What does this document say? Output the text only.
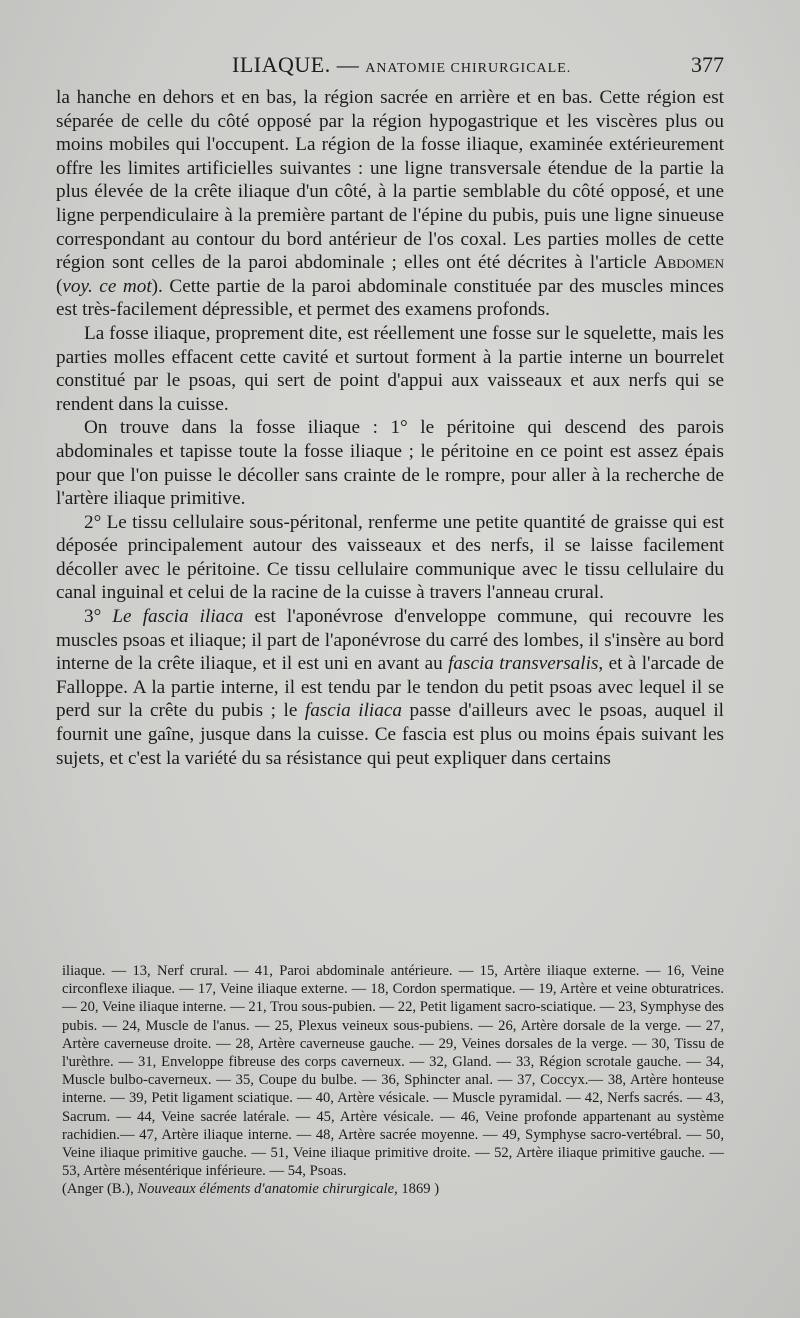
ILIAQUE. — ANATOMIE CHIRURGICALE.	377

la hanche en dehors et en bas, la région sacrée en arrière et en bas. Cette région est séparée de celle du côté opposé par la région hypogastrique et les viscères plus ou moins mobiles qui l'occupent. La région de la fosse iliaque, examinée extérieurement offre les limites artificielles suivantes : une ligne transversale étendue de la partie la plus élevée de la crête iliaque d'un côté, à la partie semblable du côté opposé, et une ligne perpendiculaire à la première partant de l'épine du pubis, puis une ligne sinueuse correspondant au contour du bord antérieur de l'os coxal. Les parties molles de cette région sont celles de la paroi abdominale ; elles ont été décrites à l'article Abdomen (voy. ce mot). Cette partie de la paroi abdominale constituée par des muscles minces est très-facilement dépressible, et permet des examens profonds.

La fosse iliaque, proprement dite, est réellement une fosse sur le squelette, mais les parties molles effacent cette cavité et surtout forment à la partie interne un bourrelet constitué par le psoas, qui sert de point d'appui aux vaisseaux et aux nerfs qui se rendent dans la cuisse.

On trouve dans la fosse iliaque : 1° le péritoine qui descend des parois abdominales et tapisse toute la fosse iliaque ; le péritoine en ce point est assez épais pour que l'on puisse le décoller sans crainte de le rompre, pour aller à la recherche de l'artère iliaque primitive.

2° Le tissu cellulaire sous-péritonal, renferme une petite quantité de graisse qui est déposée principalement autour des vaisseaux et des nerfs, il se laisse facilement décoller avec le péritoine. Ce tissu cellulaire communique avec le tissu cellulaire du canal inguinal et celui de la racine de la cuisse à travers l'anneau crural.

3° Le fascia iliaca est l'aponévrose d'enveloppe commune, qui recouvre les muscles psoas et iliaque; il part de l'aponévrose du carré des lombes, il s'insère au bord interne de la crête iliaque, et il est uni en avant au fascia transversalis, et à l'arcade de Falloppe. A la partie interne, il est tendu par le tendon du petit psoas avec lequel il se perd sur la crête du pubis ; le fascia iliaca passe d'ailleurs avec le psoas, auquel il fournit une gaîne, jusque dans la cuisse. Ce fascia est plus ou moins épais suivant les sujets, et c'est la variété du sa résistance qui peut expliquer dans certains

iliaque. — 13, Nerf crural. — 41, Paroi abdominale antérieure. — 15, Artère iliaque externe. — 16, Veine circonflexe iliaque. — 17, Veine iliaque externe. — 18, Cordon spermatique. — 19, Artère et veine obturatrices. — 20, Veine iliaque interne. — 21, Trou sous-pubien. — 22, Petit ligament sacro-sciatique. — 23, Symphyse des pubis. — 24, Muscle de l'anus. — 25, Plexus veineux sous-pubiens. — 26, Artère dorsale de la verge. — 27, Artère caverneuse droite. — 28, Artère caverneuse gauche. — 29, Veines dorsales de la verge. — 30, Tissu de l'urèthre. — 31, Enveloppe fibreuse des corps caverneux. — 32, Gland. — 33, Région scrotale gauche. — 34, Muscle bulbo-caverneux. — 35, Coupe du bulbe. — 36, Sphincter anal. — 37, Coccyx.— 38, Artère honteuse interne. — 39, Petit ligament sciatique. — 40, Artère vésicale. — Muscle pyramidal. — 42, Nerfs sacrés. — 43, Sacrum. — 44, Veine sacrée latérale. — 45, Artère vésicale. — 46, Veine profonde appartenant au système rachidien.— 47, Artère iliaque interne. — 48, Artère sacrée moyenne. — 49, Symphyse sacro-vertébral. — 50, Veine iliaque primitive gauche. — 51, Veine iliaque primitive droite. — 52, Artère iliaque primitive gauche. — 53, Artère mésentérique inférieure. — 54, Psoas.
(Anger (B.), Nouveaux éléments d'anatomie chirurgicale, 1869 )
